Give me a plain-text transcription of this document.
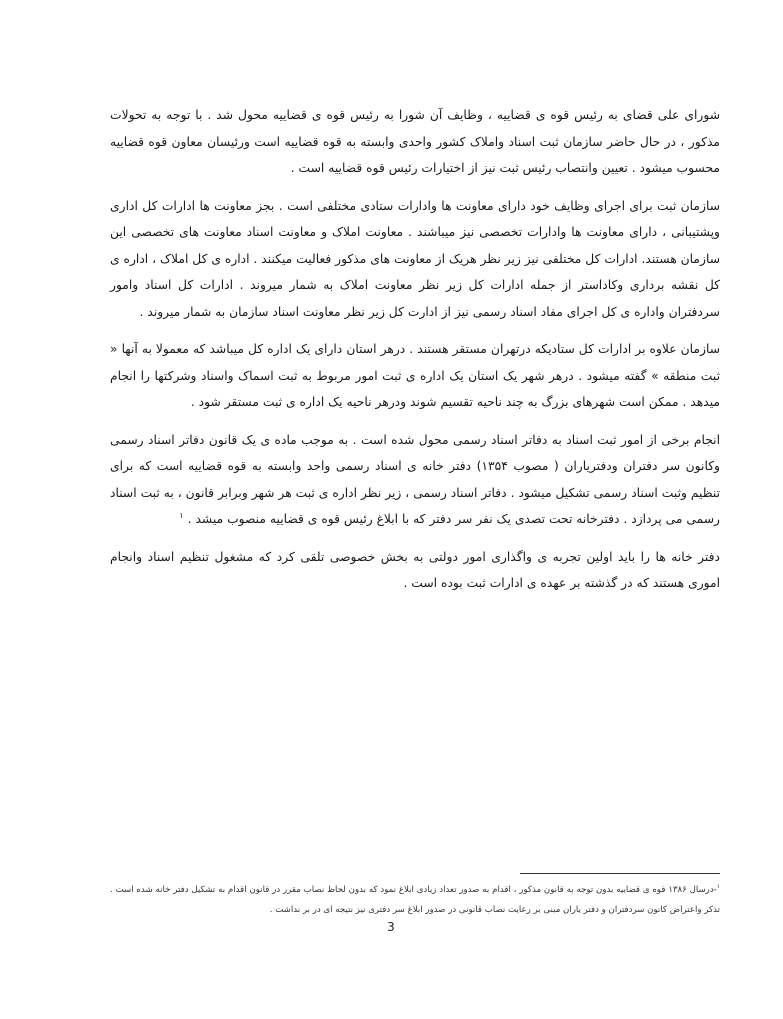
شورای علی قضای به رئیس قوه ی قضاییه ، وظایف آن شورا به رئیس قوه ی قضاییه محول شد . با توجه به تحولات مذکور ، در حال حاضر سازمان ثبت اسناد واملاک کشور واحدی وابسته به قوه قضاییه است ورئیسان معاون قوه قضاییه محسوب میشود . تعیین وانتصاب رئیس ثبت نیز از اختیارات رئیس قوه قضاییه است .

سازمان ثبت برای اجرای وظایف خود دارای معاونت ها وادارات ستادی مختلفی است . بجز معاونت ها ادارات کل اداری وپشتیبانی ، دارای معاونت ها وادارات تخصصی نیز میباشند . معاونت املاک و معاونت اسناد معاونت های تخصصی این سازمان هستند. ادارات کل مختلفی نیز زیر نظر هریک از معاونت های مذکور فعالیت میکنند . اداره ی کل املاک ، اداره ی کل نقشه برداری وکاداستر از جمله ادارات کل زیر نظر معاونت املاک به شمار میروند . ادارات کل اسناد وامور سردفتران واداره ی کل اجرای مفاد اسناد رسمی نیز از ادارت کل زیر نظر معاونت اسناد سازمان به شمار میروند .

سازمان علاوه بر ادارات کل ستادیکه درتهران مستقر هستند . درهر استان دارای یک اداره کل میباشد که معمولا به آنها « ثبت منطقه » گفته میشود . درهر شهر یک استان یک اداره ی ثبت امور مربوط به ثبت اسماک واسناد وشرکتها را انجام میدهد . ممکن است شهرهای بزرگ به چند ناحیه تقسیم شوند ودرهر ناحیه یک اداره ی ثبت مستقر شود .

انجام برخی از امور ثبت اسناد به دفاتر اسناد رسمی محول شده است . به موجب ماده ی یک قانون دفاتر اسناد رسمی وکانون سر دفتران ودفتریاران ( مصوب ۱۳۵۴) دفتر خانه ی اسناد رسمی واحد وابسته به قوه قضاییه است که برای تنظیم وثبت اسناد رسمی تشکیل میشود . دفاتر اسناد رسمی ، زیر نظر اداره ی ثبت هر شهر وبرابر قانون ، به ثبت اسناد رسمی می پردازد . دفترخانه تحت تصدی یک نفر سر دفتر که با ابلاغ رئیس قوه ی قضاییه منصوب میشد . $^۱$

دفتر خانه ها را باید اولین تجربه ی واگذاری امور دولتی به بخش خصوصی تلقی کرد که مشغول تنظیم اسناد وانجام اموری هستند که در گذشته بر عهده ی ادارات ثبت بوده است .

$^۱$-درسال ۱۳۸۶ قوه ی قضاییه بدون توجه به قانون مذکور ، اقدام به صدور تعداد زیادی ابلاغ نمود که بدون لحاظ نصاب مقرر در قانون اقدام به تشکیل دفتر خانه شده است . تذکر واعتراض کانون سردفتران و دفتر یاران مبنی بر رعایت نصاب قانونی در صدور ابلاغ سر دفتری نیز نتیجه ای در بر نداشت .
3
